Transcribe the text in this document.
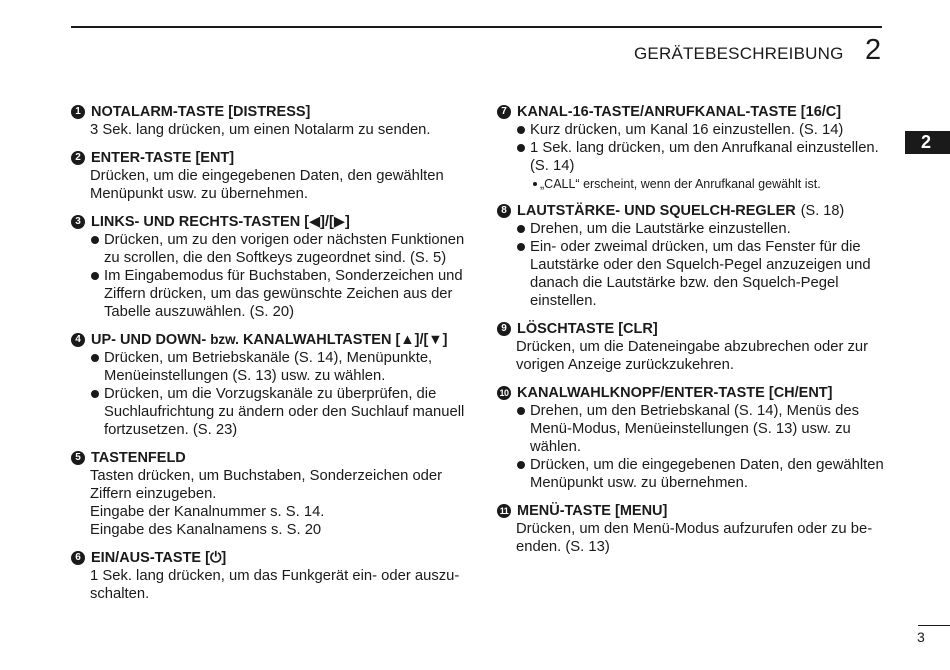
GERÄTEBESCHREIBUNG 2
2
1 NOTALARM-TASTE [DISTRESS]
3 Sek. lang drücken, um einen Notalarm zu senden.
2 ENTER-TASTE [ENT]
Drücken, um die eingegebenen Daten, den gewählten
Menüpunkt usw. zu übernehmen.
3 LINKS- UND RECHTS-TASTEN [◀]/[▶]
Drücken, um zu den vorigen oder nächsten Funktionen
zu scrollen, die den Softkeys zugeordnet sind. (S. 5)
Im Eingabemodus für Buchstaben, Sonderzeichen und
Ziffern drücken, um das gewünschte Zeichen aus der
Tabelle auszuwählen. (S. 20)
4 UP- UND DOWN- bzw. KANALWAHLTASTEN [▲]/[▼]
Drücken, um Betriebskanäle (S. 14), Menüpunkte,
Menüeinstellungen (S. 13) usw. zu wählen.
Drücken, um die Vorzugskanäle zu überprüfen, die
Suchlaufrichtung zu ändern oder den Suchlauf manuell
fortzusetzen. (S. 23)
5 TASTENFELD
Tasten drücken, um Buchstaben, Sonderzeichen oder
Ziffern einzugeben.
Eingabe der Kanalnummer s. S. 14.
Eingabe des Kanalnamens s. S. 20
6 EIN/AUS-TASTE [⏻]
1 Sek. lang drücken, um das Funkgerät ein- oder auszu-
schalten.
7 KANAL-16-TASTE/ANRUFKANAL-TASTE [16/C]
Kurz drücken, um Kanal 16 einzustellen. (S. 14)
1 Sek. lang drücken, um den Anrufkanal einzustellen.
(S. 14)
„CALL“ erscheint, wenn der Anrufkanal gewählt ist.
8 LAUTSTÄRKE- UND SQUELCH-REGLER (S. 18)
Drehen, um die Lautstärke einzustellen.
Ein- oder zweimal drücken, um das Fenster für die
Lautstärke oder den Squelch-Pegel anzuzeigen und
danach die Lautstärke bzw. den Squelch-Pegel
einstellen.
9 LÖSCHTASTE [CLR]
Drücken, um die Dateneingabe abzubrechen oder zur
vorigen Anzeige zurückzukehren.
10 KANALWAHLKNOPF/ENTER-TASTE [CH/ENT]
Drehen, um den Betriebskanal (S. 14), Menüs des
Menü-Modus, Menüeinstellungen (S. 13) usw. zu
wählen.
Drücken, um die eingegebenen Daten, den gewählten
Menüpunkt usw. zu übernehmen.
11 MENÜ-TASTE [MENU]
Drücken, um den Menü-Modus aufzurufen oder zu be-
enden. (S. 13)
3
